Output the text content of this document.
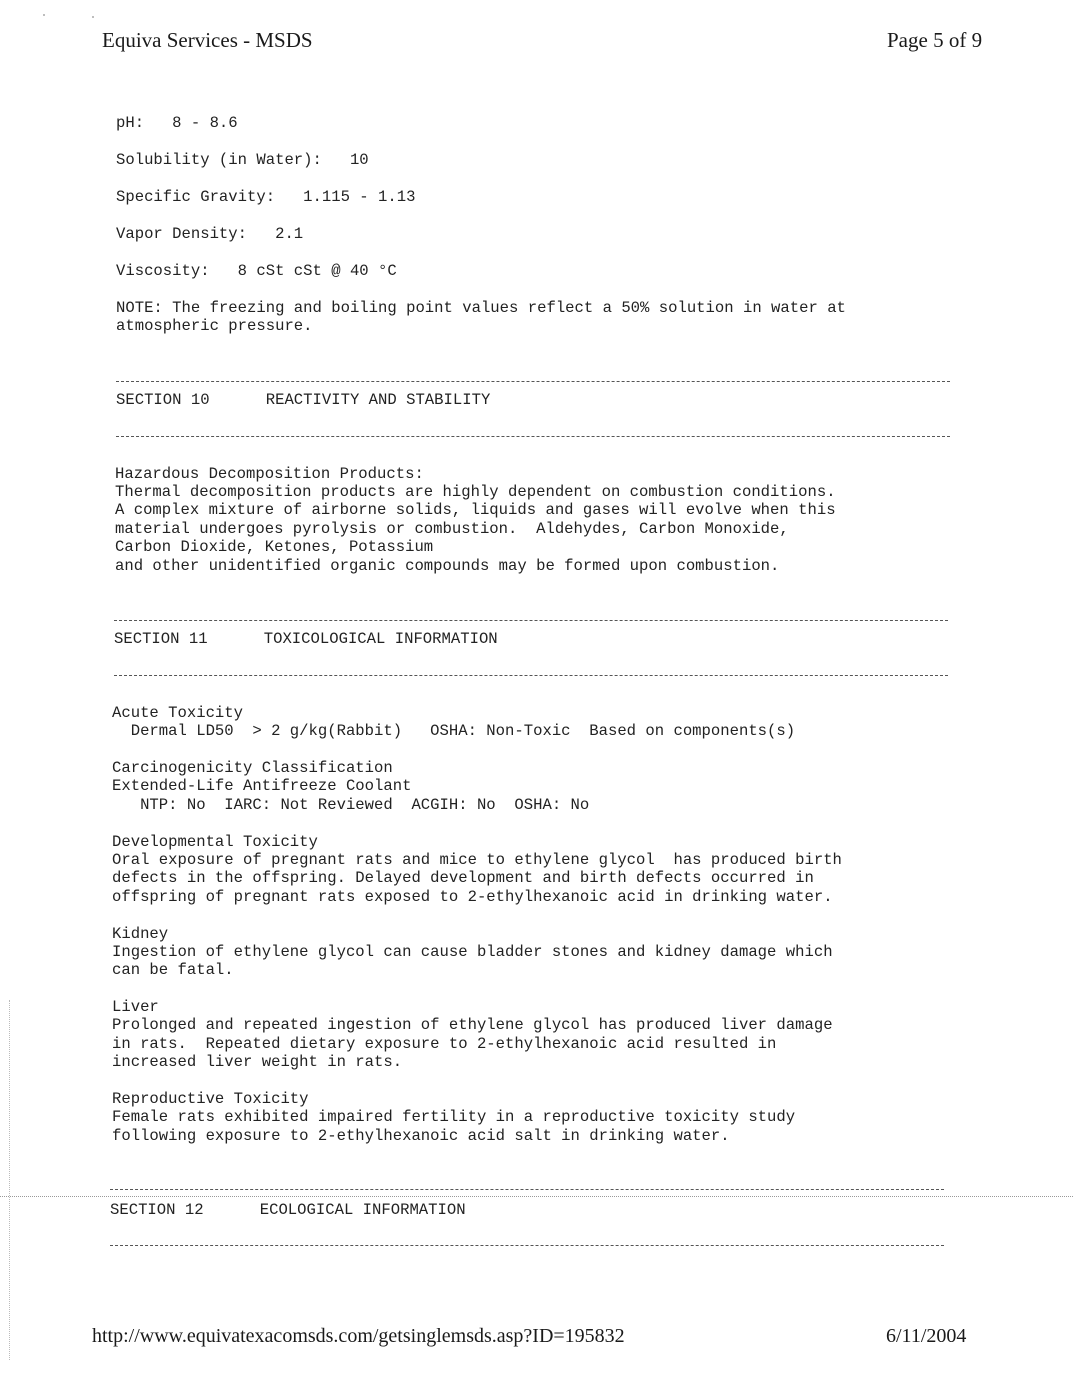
Equiva Services - MSDS	Page 5 of 9
pH:   8 - 8.6
Solubility (in Water):   10
Specific Gravity:   1.115 - 1.13
Vapor Density:   2.1
Viscosity:   8 cSt cSt @ 40 °C
NOTE: The freezing and boiling point values reflect a 50% solution in water at
atmospheric pressure.
SECTION 10      REACTIVITY AND STABILITY
Hazardous Decomposition Products:
Thermal decomposition products are highly dependent on combustion conditions.
A complex mixture of airborne solids, liquids and gases will evolve when this
material undergoes pyrolysis or combustion.  Aldehydes, Carbon Monoxide,
Carbon Dioxide, Ketones, Potassium
and other unidentified organic compounds may be formed upon combustion.
SECTION 11      TOXICOLOGICAL INFORMATION
Acute Toxicity
Dermal LD50  > 2 g/kg(Rabbit)   OSHA: Non-Toxic  Based on components(s)
Carcinogenicity Classification
Extended-Life Antifreeze Coolant
NTP: No  IARC: Not Reviewed  ACGIH: No  OSHA: No
Developmental Toxicity
Oral exposure of pregnant rats and mice to ethylene glycol  has produced birth
defects in the offspring. Delayed development and birth defects occurred in
offspring of pregnant rats exposed to 2-ethylhexanoic acid in drinking water.
Kidney
Ingestion of ethylene glycol can cause bladder stones and kidney damage which
can be fatal.
Liver
Prolonged and repeated ingestion of ethylene glycol has produced liver damage
in rats.  Repeated dietary exposure to 2-ethylhexanoic acid resulted in
increased liver weight in rats.
Reproductive Toxicity
Female rats exhibited impaired fertility in a reproductive toxicity study
following exposure to 2-ethylhexanoic acid salt in drinking water.
SECTION 12      ECOLOGICAL INFORMATION
http://www.equivatexacomsds.com/getsinglemsds.asp?ID=195832	6/11/2004
